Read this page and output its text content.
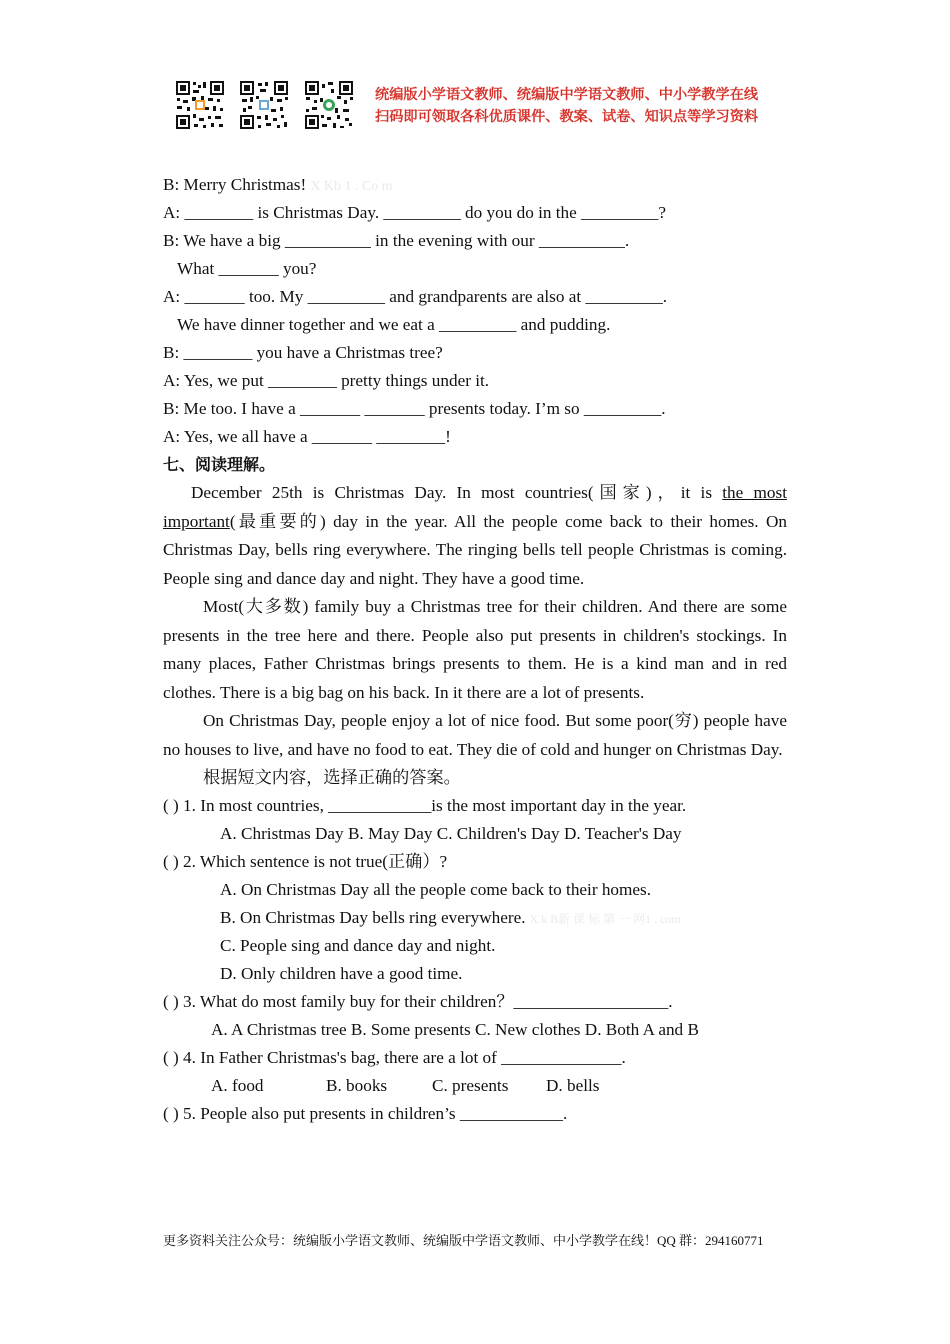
统编版小学语文教师、统编版中学语文教师、中小学教学在线
扫码即可领取各科优质课件、教案、试卷、知识点等学习资料
B: Merry Christmas! X Kb 1 . Co m
A: ________ is Christmas Day. _________ do you do in the _________?
B: We have a big __________ in the evening with our __________.
What _______ you?
A: _______ too. My _________ and grandparents are also at _________.
We have dinner together and we eat a _________ and pudding.
B: ________ you have a Christmas tree?
A: Yes, we put ________ pretty things under it.
B: Me too. I have a _______ _______ presents today. I’m so _________.
A: Yes, we all have a _______ ________!
七、阅读理解。
December 25th is Christmas Day. In most countries(国家)，it is the most important(最重要的) day in the year. All the people come back to their homes. On Christmas Day, bells ring everywhere. The ringing bells tell people Christmas is coming. People sing and dance day and night. They have a good time.
Most(大多数) family buy a Christmas tree for their children. And there are some presents in the tree here and there. People also put presents in children's stockings. In many places, Father Christmas brings presents to them. He is a kind man and in red clothes. There is a big bag on his back. In it there are a lot of presents.
On Christmas Day, people enjoy a lot of nice food. But some poor(穷) people have no houses to live, and have no food to eat. They die of cold and hunger on Christmas Day.
根据短文内容，选择正确的答案。
( ) 1. In most countries, ____________is the most important day in the year.
A. Christmas Day B. May Day C. Children's Day D. Teacher's Day
( ) 2. Which sentence is not true(正确）?
A. On Christmas Day all the people come back to their homes.
B. On Christmas Day bells ring everywhere. X k B新 课 标 第 一 网1 . com
C. People sing and dance day and night.
D. Only children have a good time.
( ) 3. What do most family buy for their children？__________________.
A. A Christmas tree B. Some presents C. New clothes D. Both A and B
( ) 4. In Father Christmas's bag, there are a lot of ______________.
A. food	B. books	C. presents D. bells
( ) 5. People also put presents in children’s ____________.
更多资料关注公众号：统编版小学语文教师、统编版中学语文教师、中小学教学在线！QQ 群：294160771
